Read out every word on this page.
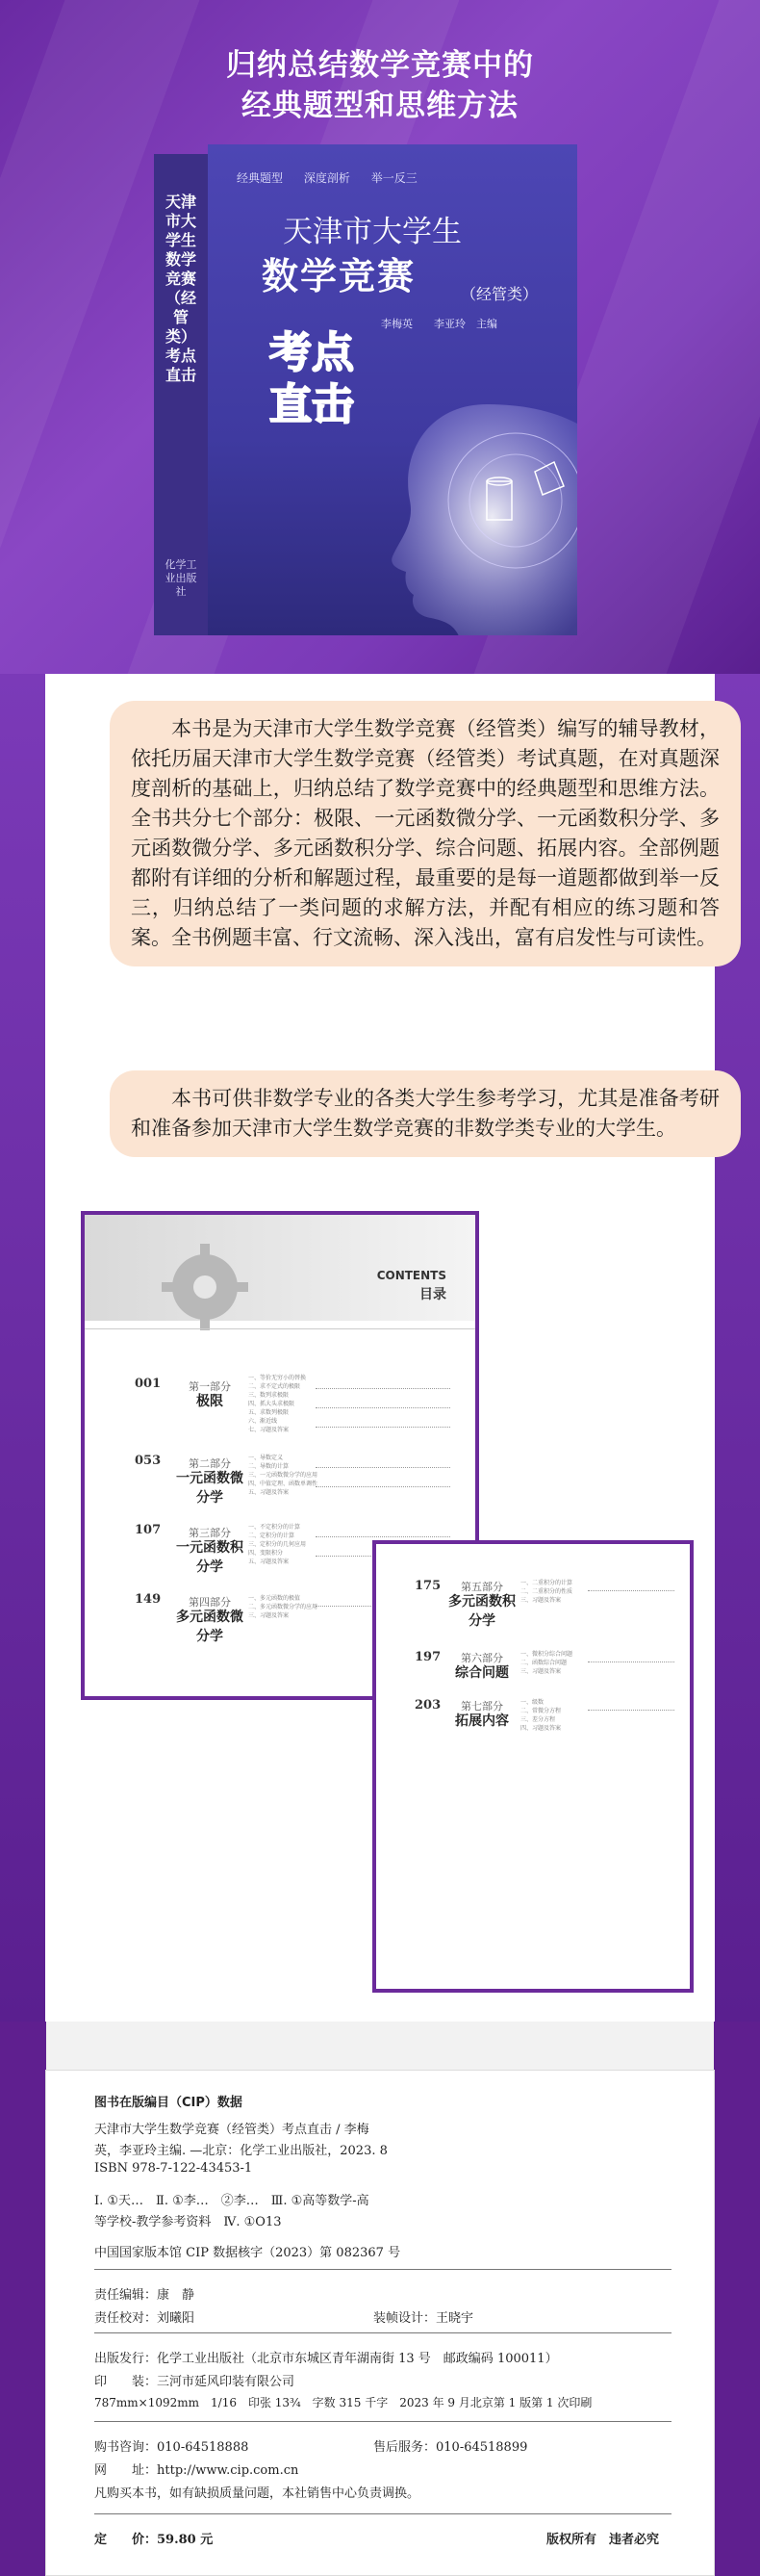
归纳总结数学竞赛中的
经典题型和思维方法
天津市大学生数学竞赛（经管类）考点直击
化学工业出版社
经典题型 深度剖析 举一反三
天津市大学生
数学竞赛	（经管类）
李梅英　　李亚玲　主编
考点
直击
本书是为天津市大学生数学竞赛（经管类）编写的辅导教材，依托历届天津市大学生数学竞赛（经管类）考试真题，在对真题深度剖析的基础上，归纳总结了数学竞赛中的经典题型和思维方法。全书共分七个部分：极限、一元函数微分学、一元函数积分学、多元函数微分学、多元函数积分学、综合问题、拓展内容。全部例题都附有详细的分析和解题过程，最重要的是每一道题都做到举一反三，归纳总结了一类问题的求解方法，并配有相应的练习题和答案。全书例题丰富、行文流畅、深入浅出，富有启发性与可读性。
本书可供非数学专业的各类大学生参考学习，尤其是准备考研和准备参加天津市大学生数学竞赛的非数学类专业的大学生。
CONTENTS
目录
001	第一部分
极限
一、等价无穷小的替换
二、求不定式的极限
三、数列求极限
四、抓大头求极限
五、求数列极限
六、渐近线
七、习题及答案
053	第二部分
一元函数微分学
一、导数定义
二、导数的计算
三、一元函数微分学的应用
四、中值定理、函数单调性
五、习题及答案
107	第三部分
一元函数积分学
一、不定积分的计算
二、定积分的计算
三、定积分的几何应用
四、变限积分
五、习题及答案
149	第四部分
多元函数微分学
一、多元函数的极值
二、多元函数微分学的应用
三、习题及答案
175	第五部分
多元函数积分学
一、二重积分的计算
二、二重积分的性质
三、习题及答案
197	第六部分
综合问题
一、微积分综合问题
二、函数综合问题
三、习题及答案
203	第七部分
拓展内容
一、级数
二、常微分方程
三、差分方程
四、习题及答案
图书在版编目（CIP）数据
天津市大学生数学竞赛（经管类）考点直击 / 李梅
英，李亚玲主编. —北京：化学工业出版社，2023. 8
ISBN 978-7-122-43453-1
Ⅰ. ①天…　Ⅱ. ①李…　②李…　Ⅲ. ①高等数学-高
等学校-教学参考资料　Ⅳ. ①O13
中国国家版本馆 CIP 数据核字（2023）第 082367 号
责任编辑：康　静
责任校对：刘曦阳	装帧设计：王晓宇
出版发行：化学工业出版社（北京市东城区青年湖南街 13 号　邮政编码 100011）
印　　装：三河市延风印装有限公司
787mm×1092mm　1/16　印张 13¾　字数 315 千字　2023 年 9 月北京第 1 版第 1 次印刷
购书咨询：010-64518888	售后服务：010-64518899
网　　址：http://www.cip.com.cn
凡购买本书，如有缺损质量问题，本社销售中心负责调换。
定　　价：59.80 元	版权所有　违者必究
